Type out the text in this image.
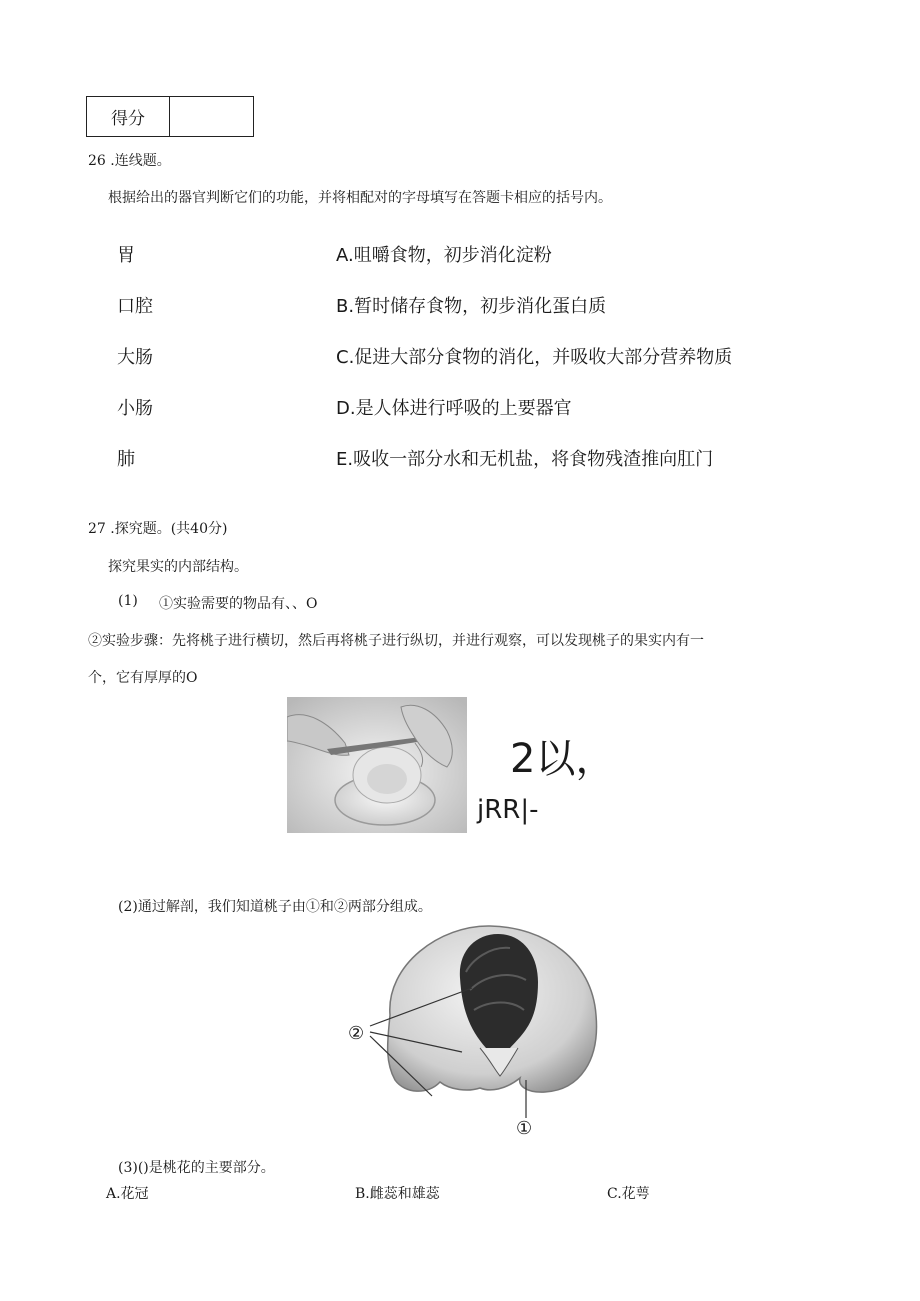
得分
26 .连线题。
根据给出的器官判断它们的功能，并将相配对的字母填写在答题卡相应的括号内。
胃
口腔
大肠
小肠
肺
A.咀嚼食物，初步消化淀粉
B.暂时储存食物，初步消化蛋白质
C.促进大部分食物的消化，并吸收大部分营养物质
D.是人体进行呼吸的上要器官
E.吸收一部分水和无机盐，将食物残渣推向肛门
27 .探究题。(共40分)
探究果实的内部结构。
(1) ①实验需要的物品有、、O
②实验步骤：先将桃子进行横切，然后再将桃子进行纵切，并进行观察，可以发现桃子的果实内有一
个，它有厚厚的O
2以，
jRR|-
(2)通过解剖，我们知道桃子由①和②两部分组成。
②
①
(3)()是桃花的主要部分。
A.花冠	B.雌蕊和雄蕊	C.花萼
